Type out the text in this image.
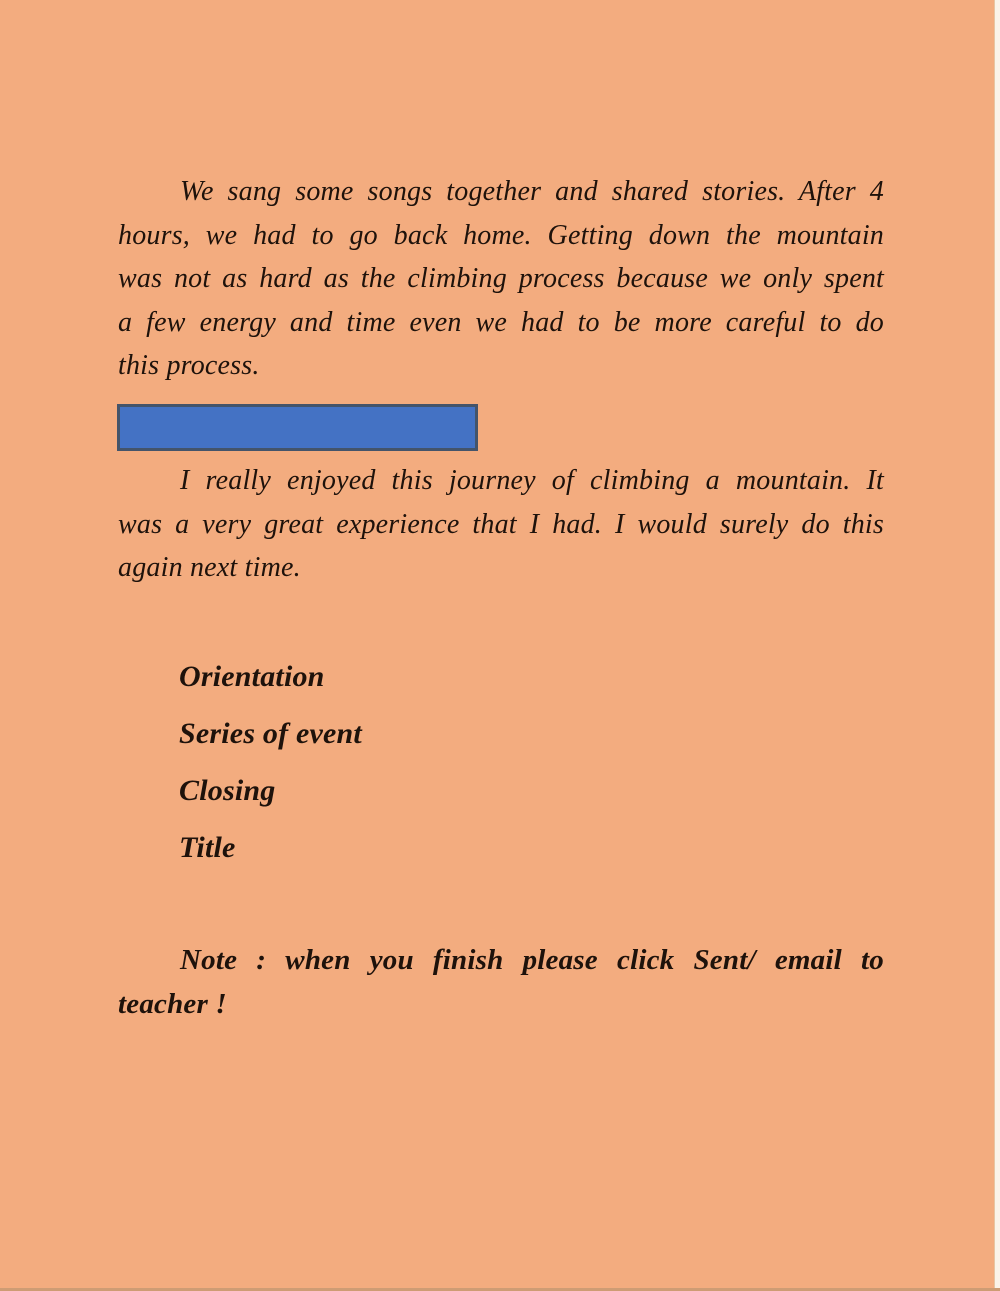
We sang some songs together and shared stories. After 4
hours, we had to go back home. Getting down the mountain
was not as hard as the climbing process because we only spent
a few energy and time even we had to be more careful to do
this process.
I really enjoyed this journey of climbing a mountain. It
was a very great experience that I had. I would surely do this
again next time.
Orientation
Series of event
Closing
Title
Note : when you finish please click Sent/ email to
teacher !
